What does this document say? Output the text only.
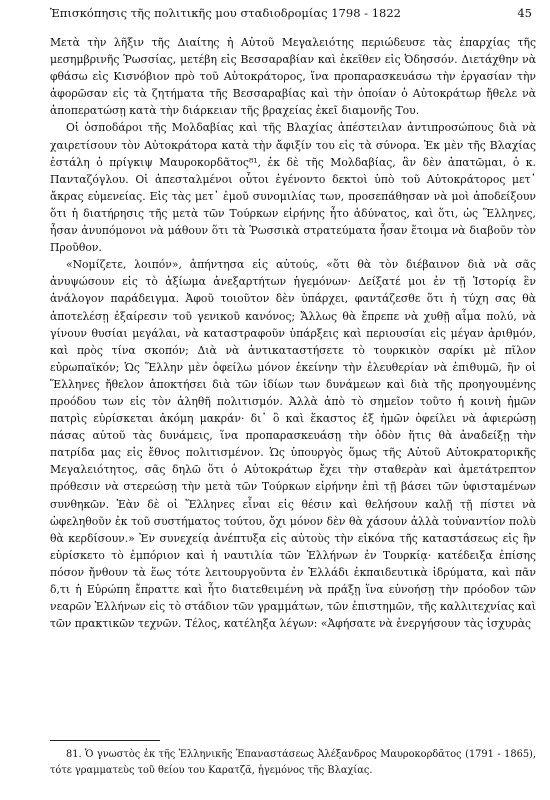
Ἐπισκόπησις τῆς πολιτικῆς μου σταδιοδρομίας 1798 - 1822	45

Μετὰ τὴν λῆξιν τῆς Διαίτης ἡ Αὐτοῦ Μεγαλειότης περιώδευσε τὰς ἐπαρχίας τῆς μεσημβρινῆς Ῥωσσίας, μετέβη εἰς Βεσσαραβίαν καὶ ἐκεῖθεν εἰς Ὀδησσόν. Διετάχθην νὰ φθάσω εἰς Κισνόβιον πρὸ τοῦ Αὐτοκράτορος, ἵνα προπαρασκευάσω τὴν ἐργασίαν τὴν ἀφορῶσαν εἰς τὰ ζητήματα τῆς Βεσσαραβίας καὶ τὴν ὁποίαν ὁ Αὐτοκράτωρ ἤθελε νὰ ἀποπερατώσῃ κατὰ τὴν διάρκειαν τῆς βραχείας ἐκεῖ διαμονῆς Του.

Οἱ ὁσποδάροι τῆς Μολδαβίας καὶ τῆς Βλαχίας ἀπέστειλαν ἀντιπροσώπους διὰ νὰ χαιρετίσουν τὸν Αὐτοκράτορα κατὰ τὴν ἄφιξίν του εἰς τὰ σύνορα. Ἐκ μὲν τῆς Βλαχίας ἐστάλη ὁ πρίγκιψ Μαυροκορδᾶτος⁸¹, ἐκ δὲ τῆς Μολδαβίας, ἂν δὲν ἀπατῶμαι, ὁ κ. Πανταζόγλου. Οἱ ἀπεσταλμένοι οὗτοι ἐγένοντο δεκτοὶ ὑπὸ τοῦ Αὐτοκράτορος μετ᾽ ἄκρας εὐμενείας. Εἰς τὰς μετ᾽ ἐμοῦ συνομιλίας των, προσεπάθησαν νὰ μοὶ ἀποδείξουν ὅτι ἡ διατήρησις τῆς μετὰ τῶν Τούρκων εἰρήνης ἦτο ἀδύνατος, καὶ ὅτι, ὡς Ἕλληνες, ἦσαν ἀνυπόμονοι νὰ μάθουν ὅτι τὰ Ῥωσσικὰ στρατεύματα ἦσαν ἕτοιμα νὰ διαβοῦν τὸν Προῦθον.

«Νομίζετε, λοιπόν», ἀπήντησα εἰς αὐτούς, «ὅτι θὰ τὸν διέβαινον διὰ νὰ σᾶς ἀνυψώσουν εἰς τὸ ἀξίωμα ἀνεξαρτήτων ἡγεμόνων· Δείξατέ μοι ἐν τῇ Ἱστορίᾳ ἓν ἀνάλογον παράδειγμα. Ἀφοῦ τοιοῦτον δὲν ὑπάρχει, φαντάζεσθε ὅτι ἡ τύχη σας θὰ ἀποτελέσῃ ἐξαίρεσιν τοῦ γενικοῦ κανόνος; Ἄλλως θὰ ἔπρεπε νὰ χυθῇ αἷμα πολύ, νὰ γίνουν θυσίαι μεγάλαι, νὰ καταστραφοῦν ὑπάρξεις καὶ περιουσίαι εἰς μέγαν ἀριθμόν, καὶ πρὸς τίνα σκοπόν; Διὰ νὰ ἀντικαταστήσετε τὸ τουρκικὸν σαρίκι μὲ πῖλον εὐρωπαϊκόν; Ὡς Ἕλλην μὲν ὀφείλω μόνον ἐκείνην τὴν ἐλευθερίαν νὰ ἐπιθυμῶ, ἣν οἱ Ἕλληνες ἤθελον ἀποκτήσει διὰ τῶν ἰδίων των δυνάμεων καὶ διὰ τῆς προηγουμένης προόδου των εἰς τὸν ἀληθῆ πολιτισμόν. Ἀλλὰ ἀπὸ τὸ σημεῖον τοῦτο ἡ κοινὴ ἡμῶν πατρὶς εὑρίσκεται ἀκόμη μακράν· δι᾽ ὃ καὶ ἕκαστος ἐξ ἡμῶν ὀφείλει νὰ ἀφιερώσῃ πάσας αὐτοῦ τὰς δυνάμεις, ἵνα προπαρασκευάσῃ τὴν ὁδὸν ἥτις θὰ ἀναδείξῃ τὴν πατρίδα μας εἰς ἔθνος πολιτισμένον. Ὡς ὑπουργὸς ὅμως τῆς Αὐτοῦ Αὐτοκρατορικῆς Μεγαλειότητος, σᾶς δηλῶ ὅτι ὁ Αὐτοκράτωρ ἔχει τὴν σταθερὰν καὶ ἀμετάτρεπτον πρόθεσιν νὰ στερεώσῃ τὴν μετὰ τῶν Τούρκων εἰρήνην ἐπὶ τῇ βάσει τῶν ὑφισταμένων συνθηκῶν. Ἐὰν δὲ οἱ Ἕλληνες εἶναι εἰς θέσιν καὶ θελήσουν καλῇ τῇ πίστει νὰ ὠφεληθοῦν ἐκ τοῦ συστήματος τούτου, ὄχι μόνον δὲν θὰ χάσουν ἀλλὰ τοὐναντίον πολὺ θὰ κερδίσουν.» Ἐν συνεχείᾳ ἀνέπτυξα εἰς αὐτοὺς τὴν εἰκόνα τῆς καταστάσεως εἰς ἣν εὑρίσκετο τὸ ἐμπόριον καὶ ἡ ναυτιλία τῶν Ἑλλήνων ἐν Τουρκίᾳ· κατέδειξα ἐπίσης πόσον ἤνθουν τὰ ἕως τότε λειτουργοῦντα ἐν Ἑλλάδι ἐκπαιδευτικὰ ἱδρύματα, καὶ πᾶν δ,τι ἡ Εὐρώπη ἔπραττε καὶ ἦτο διατεθειμένη νὰ πράξῃ ἵνα εὐνοήσῃ τὴν πρόοδον τῶν νεαρῶν Ἑλλήνων εἰς τὸ στάδιον τῶν γραμμάτων, τῶν ἐπιστημῶν, τῆς καλλιτεχνίας καὶ τῶν πρακτικῶν τεχνῶν. Τέλος, κατέληξα λέγων: «Ἀφήσατε νὰ ἐνεργήσουν τὰς ἰσχυρὰς

81. Ὁ γνωστὸς ἐκ τῆς Ἑλληνικῆς Ἐπαναστάσεως Ἀλέξανδρος Μαυροκορδᾶτος (1791 - 1865), τότε γραμματεὺς τοῦ θείου του Καρατζᾶ, ἡγεμόνος τῆς Βλαχίας.
